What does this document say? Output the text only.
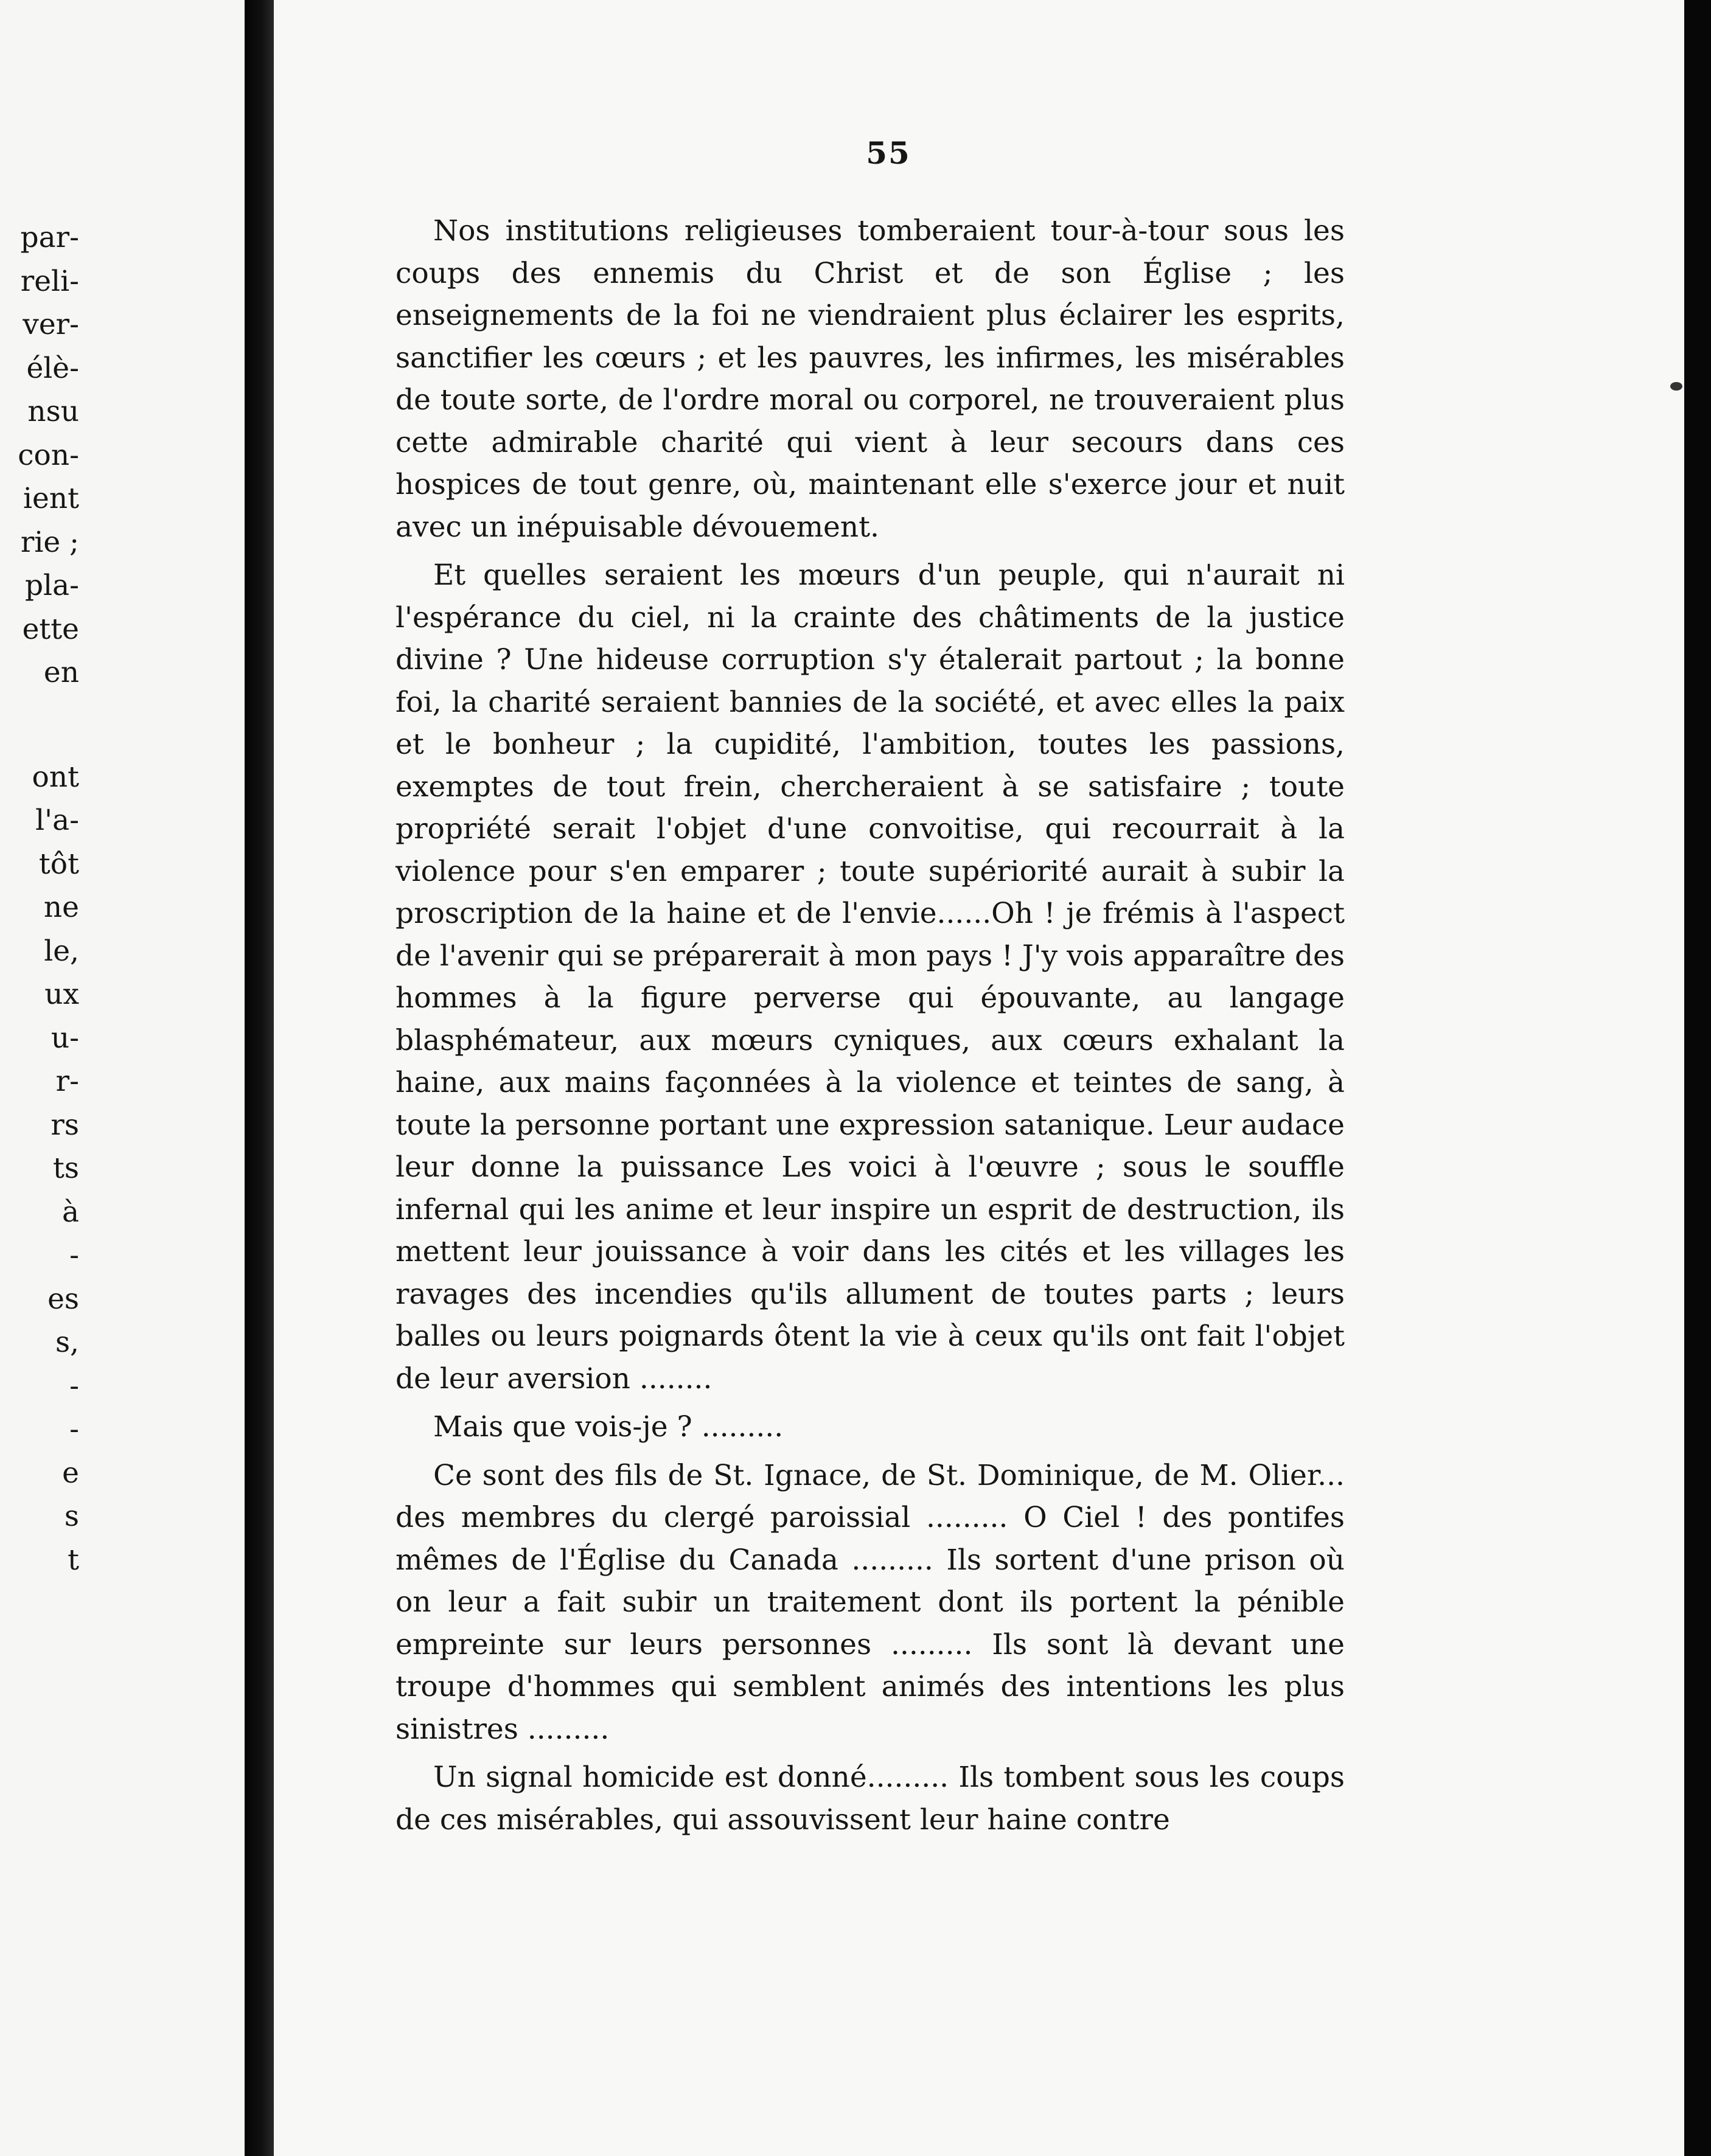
par-
reli-
ver-
élè-
nsu
con-
ient
rie ;
pla-
ette
en
ont
l'a-
tôt
ne
le,
ux
u-
r-
rs
ts
à
-
es
s,
-
-
e
s
t
55

Nos institutions religieuses tomberaient tour-à-tour sous les coups des ennemis du Christ et de son Église ; les enseignements de la foi ne viendraient plus éclairer les esprits, sanctifier les cœurs ; et les pauvres, les infirmes, les misérables de toute sorte, de l'ordre moral ou corporel, ne trouveraient plus cette admirable charité qui vient à leur secours dans ces hospices de tout genre, où, maintenant elle s'exerce jour et nuit avec un inépuisable dévouement.

Et quelles seraient les mœurs d'un peuple, qui n'aurait ni l'espérance du ciel, ni la crainte des châtiments de la justice divine ? Une hideuse corruption s'y étalerait partout ; la bonne foi, la charité seraient bannies de la société, et avec elles la paix et le bonheur ; la cupidité, l'ambition, toutes les passions, exemptes de tout frein, chercheraient à se satisfaire ; toute propriété serait l'objet d'une convoitise, qui recourrait à la violence pour s'en emparer ; toute supériorité aurait à subir la proscription de la haine et de l'envie......Oh ! je frémis à l'aspect de l'avenir qui se préparerait à mon pays ! J'y vois apparaître des hommes à la figure perverse qui épouvante, au langage blasphémateur, aux mœurs cyniques, aux cœurs exhalant la haine, aux mains façonnées à la violence et teintes de sang, à toute la personne portant une expression satanique. Leur audace leur donne la puissance Les voici à l'œuvre ; sous le souffle infernal qui les anime et leur inspire un esprit de destruction, ils mettent leur jouissance à voir dans les cités et les villages les ravages des incendies qu'ils allument de toutes parts ; leurs balles ou leurs poignards ôtent la vie à ceux qu'ils ont fait l'objet de leur aversion ........

Mais que vois-je ? .........

Ce sont des fils de St. Ignace, de St. Dominique, de M. Olier... des membres du clergé paroissial ......... O Ciel ! des pontifes mêmes de l'Église du Canada ......... Ils sortent d'une prison où on leur a fait subir un traitement dont ils portent la pénible empreinte sur leurs personnes ......... Ils sont là devant une troupe d'hommes qui semblent animés des intentions les plus sinistres .........

Un signal homicide est donné......... Ils tombent sous les coups de ces misérables, qui assouvissent leur haine contre
